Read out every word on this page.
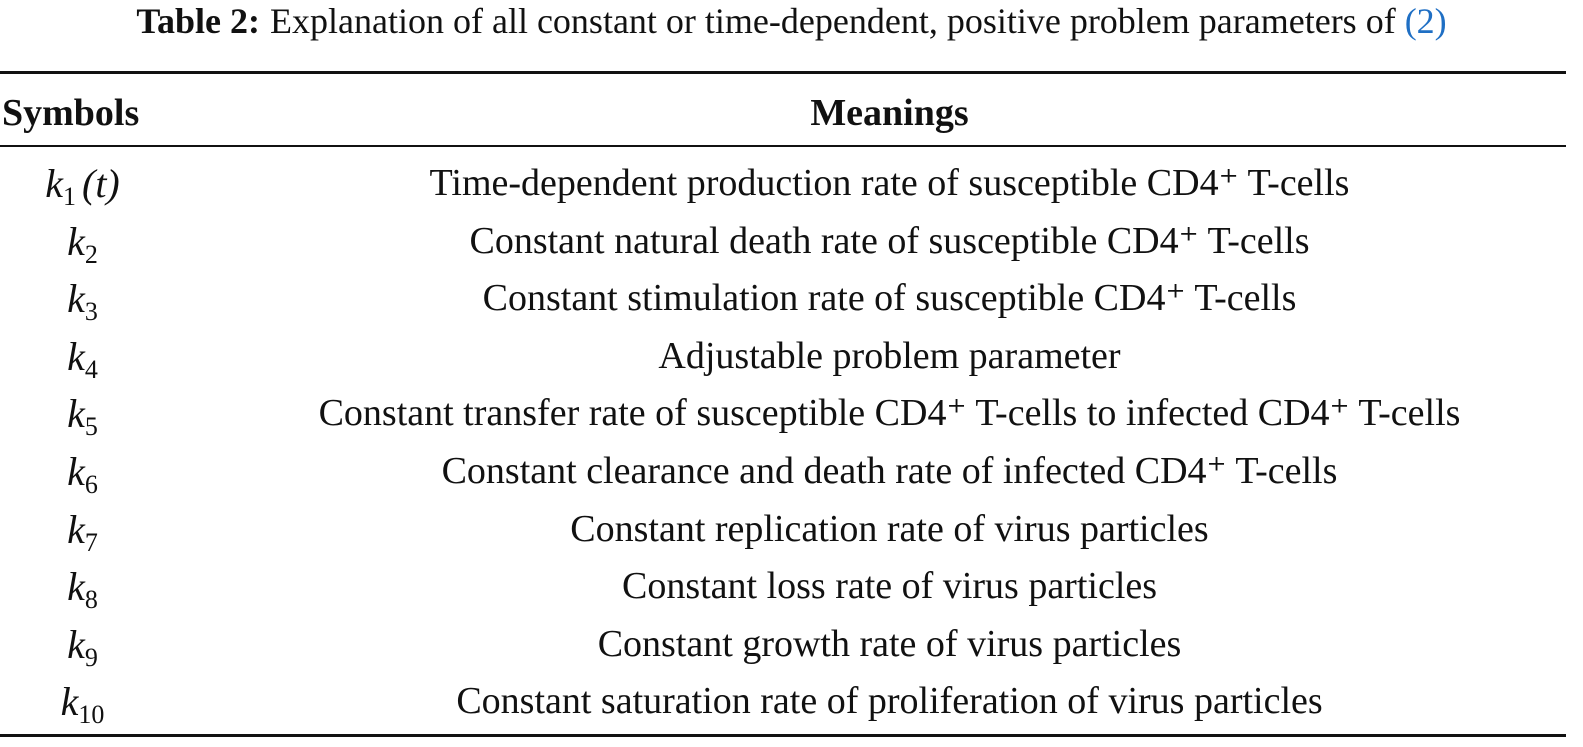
Table 2: Explanation of all constant or time-dependent, positive problem parameters of (2)
Symbols	Meanings
$k_1$ (t)	Time-dependent production rate of susceptible CD4⁺ T-cells
$k_2$	Constant natural death rate of susceptible CD4⁺ T-cells
$k_3$	Constant stimulation rate of susceptible CD4⁺ T-cells
$k_4$	Adjustable problem parameter
$k_5$	Constant transfer rate of susceptible CD4⁺ T-cells to infected CD4⁺ T-cells
$k_6$	Constant clearance and death rate of infected CD4⁺ T-cells
$k_7$	Constant replication rate of virus particles
$k_8$	Constant loss rate of virus particles
$k_9$	Constant growth rate of virus particles
$k_{10}$	Constant saturation rate of proliferation of virus particles
